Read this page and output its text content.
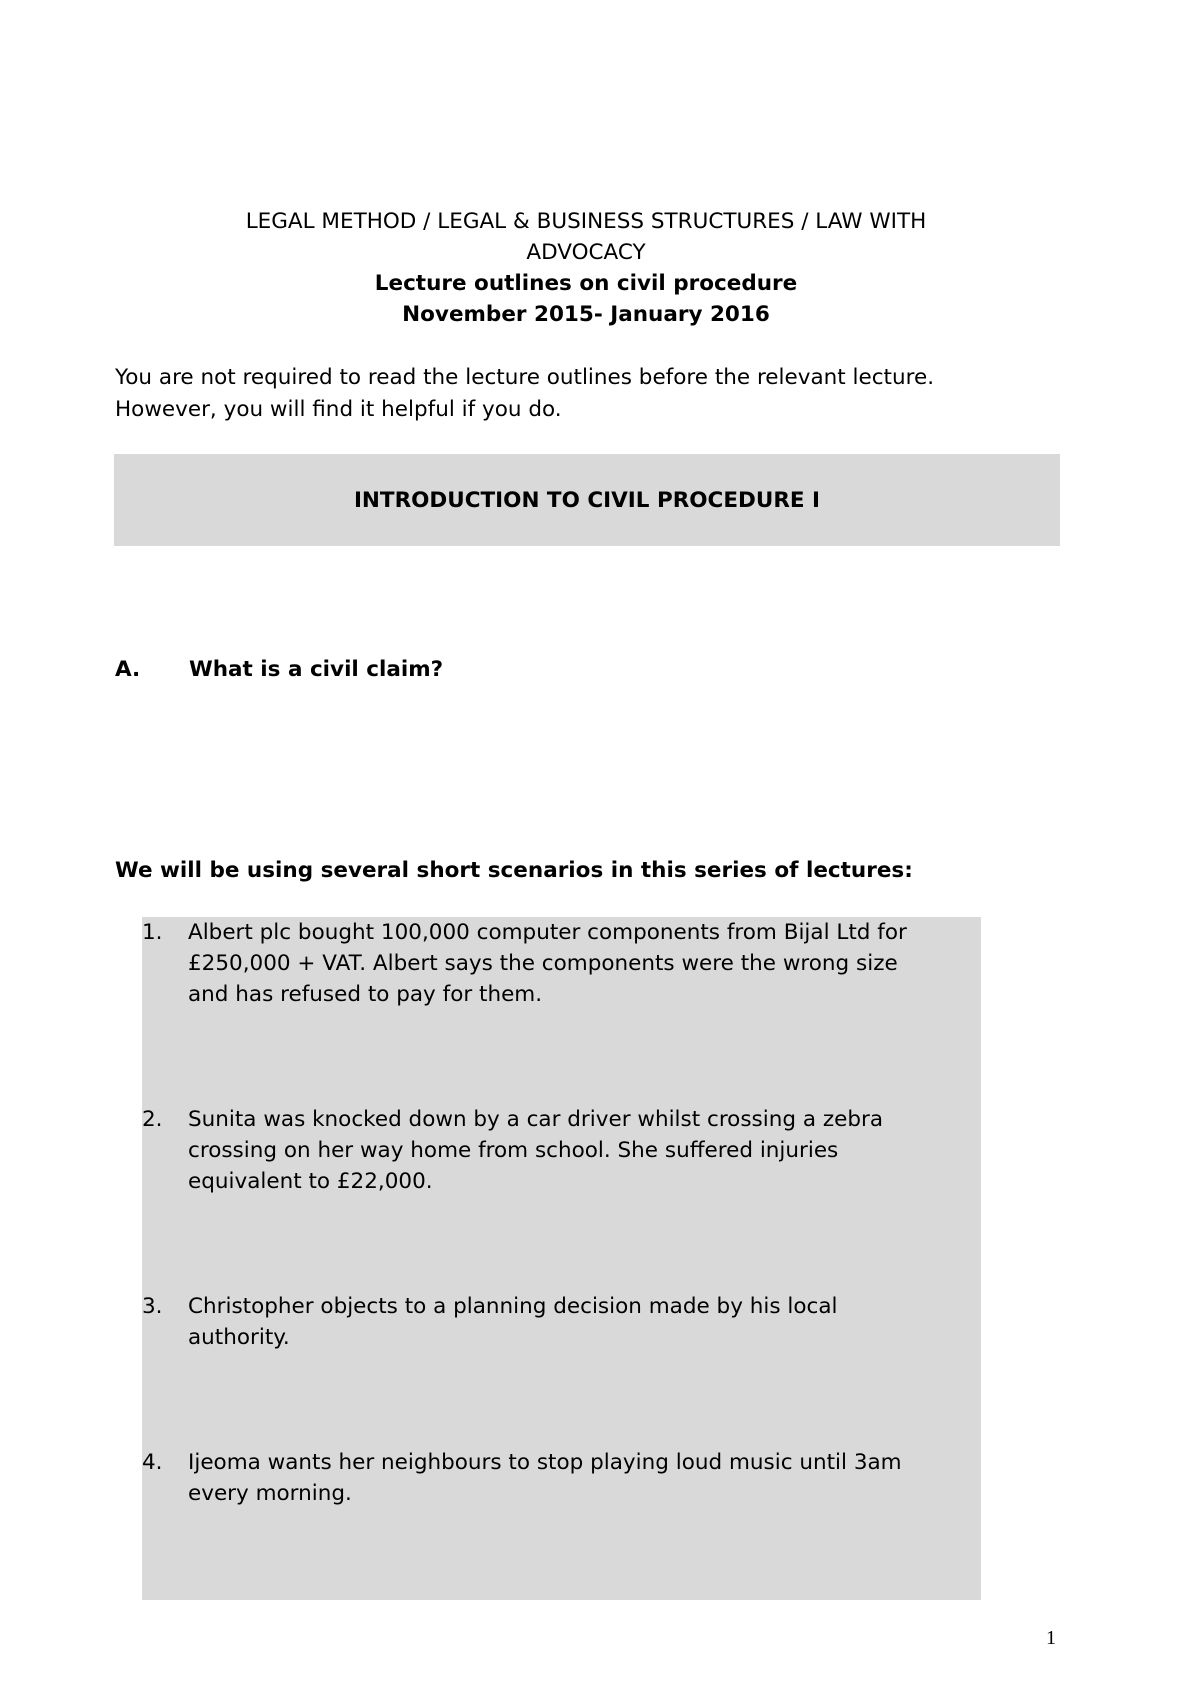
LEGAL METHOD / LEGAL & BUSINESS STRUCTURES / LAW WITH
ADVOCACY
Lecture outlines on civil procedure
November 2015- January 2016
You are not required to read the lecture outlines before the relevant lecture.
However, you will find it helpful if you do.
INTRODUCTION TO CIVIL PROCEDURE I
A. What is a civil claim?
We will be using several short scenarios in this series of lectures:
1.	Albert plc bought 100,000 computer components from Bijal Ltd for
£250,000 + VAT. Albert says the components were the wrong size
and has refused to pay for them.
2.	Sunita was knocked down by a car driver whilst crossing a zebra
crossing on her way home from school. She suffered injuries
equivalent to £22,000.
3.	Christopher objects to a planning decision made by his local
authority.
4.	Ijeoma wants her neighbours to stop playing loud music until 3am
every morning.
1
